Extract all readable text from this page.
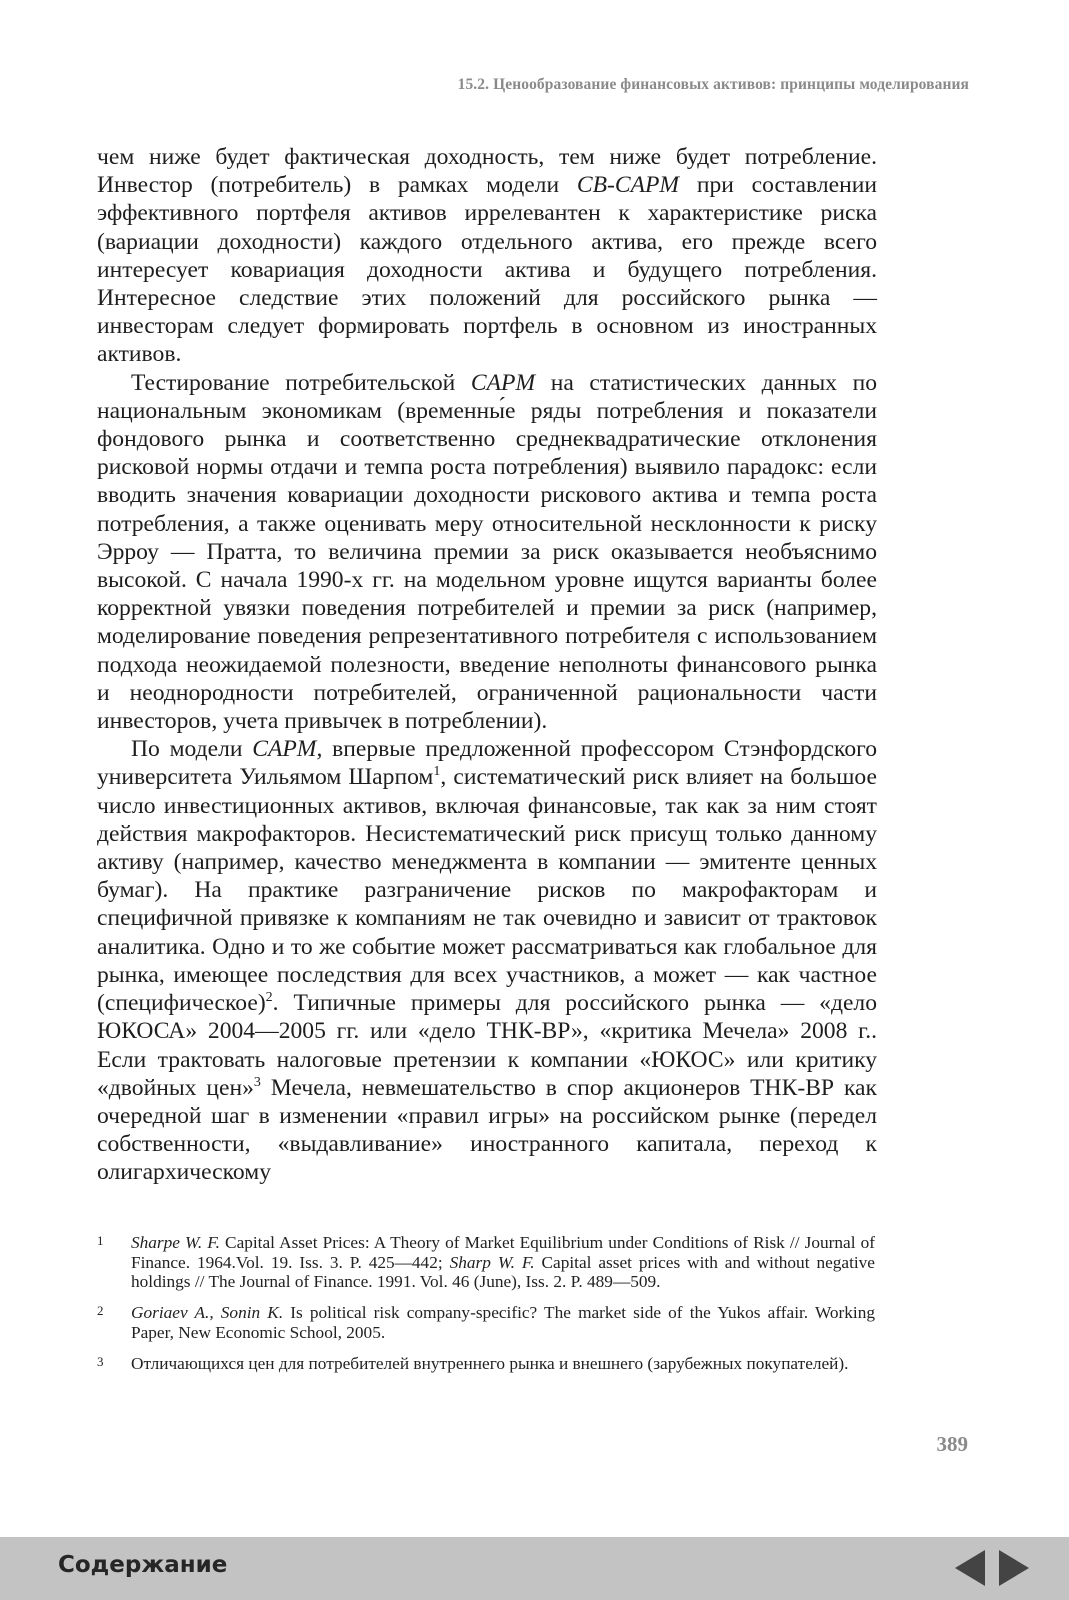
15.2. Ценообразование финансовых активов: принципы моделирования

чем ниже будет фактическая доходность, тем ниже будет потребление. Инвестор (потребитель) в рамках модели CB-CAPM при составлении эффективного портфеля активов иррелевантен к характеристике риска (вариации доходности) каждого отдельного актива, его прежде всего интересует ковариация доходности актива и будущего потребления. Интересное следствие этих положений для российского рынка — инвесторам следует формировать портфель в основном из иностранных активов.

Тестирование потребительской CAPM на статистических данных по национальным экономикам (временны́е ряды потребления и показатели фондового рынка и соответственно среднеквадратические отклонения рисковой нормы отдачи и темпа роста потребления) выявило парадокс: если вводить значения ковариации доходности рискового актива и темпа роста потребления, а также оценивать меру относительной несклонности к риску Эрроу — Пратта, то величина премии за риск оказывается необъяснимо высокой. С начала 1990-х гг. на модельном уровне ищутся варианты более корректной увязки поведения потребителей и премии за риск (например, моделирование поведения репрезентативного потребителя с использованием подхода неожидаемой полезности, введение неполноты финансового рынка и неоднородности потребителей, ограниченной рациональности части инвесторов, учета привычек в потреблении).

По модели CAPM, впервые предложенной профессором Стэнфордского университета Уильямом Шарпом$^1$, систематический риск влияет на большое число инвестиционных активов, включая финансовые, так как за ним стоят действия макрофакторов. Несистематический риск присущ только данному активу (например, качество менеджмента в компании — эмитенте ценных бумаг). На практике разграничение рисков по макрофакторам и специфичной привязке к компаниям не так очевидно и зависит от трактовок аналитика. Одно и то же событие может рассматриваться как глобальное для рынка, имеющее последствия для всех участников, а может — как частное (специфическое)$^2$. Типичные примеры для российского рынка — «дело ЮКОСА» 2004—2005 гг. или «дело ТНК-ВР», «критика Мечела» 2008 г.. Если трактовать налоговые претензии к компании «ЮКОС» или критику «двойных цен»$^3$ Мечела, невмешательство в спор акционеров ТНК-ВР как очередной шаг в изменении «правил игры» на российском рынке (передел собственности, «выдавливание» иностранного капитала, переход к олигархическому

1	Sharpe W. F. Capital Asset Prices: A Theory of Market Equilibrium under Conditions of Risk // Journal of Finance. 1964.Vol. 19. Iss. 3. P. 425—442; Sharp W. F. Capital asset prices with and without negative holdings // The Journal of Finance. 1991. Vol. 46 (June), Iss. 2. P. 489—509.
2	Goriaev A., Sonin K. Is political risk company-specific? The market side of the Yukos affair. Working Paper, New Economic School, 2005.
3	Отличающихся цен для потребителей внутреннего рынка и внешнего (зарубежных покупателей).
389
Содержание
